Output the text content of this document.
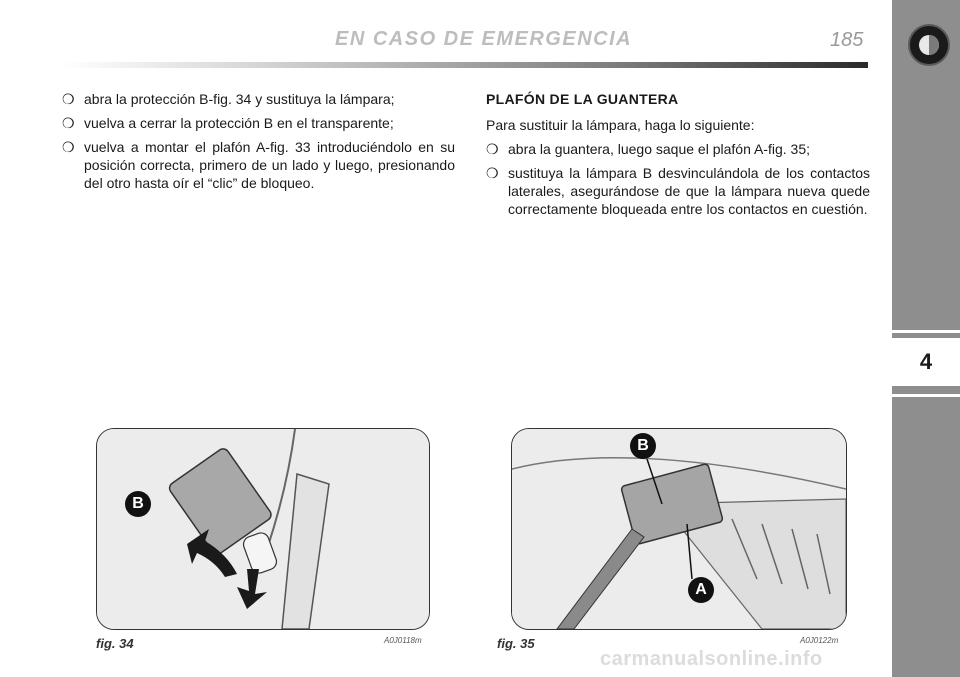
EN CASO DE EMERGENCIA	185
4
❍ abra la protección B-fig. 34 y sustituya la lámpara;
❍ vuelva a cerrar la protección B en el transparente;
❍ vuelva a montar el plafón A-fig. 33 introduciéndolo en su posición correcta, primero de un lado y luego, presionando del otro hasta oír el “clic” de bloqueo.
PLAFÓN DE LA GUANTERA
Para sustituir la lámpara, haga lo siguiente:
❍ abra la guantera, luego saque el plafón A-fig. 35;
❍ sustituya la lámpara B desvinculándola de los contactos laterales, asegurándose de que la lámpara nueva quede correctamente bloqueada entre los contactos en cuestión.
B
fig. 34	A0J0118m
B
A
fig. 35	A0J0122m
carmanualsonline.info
